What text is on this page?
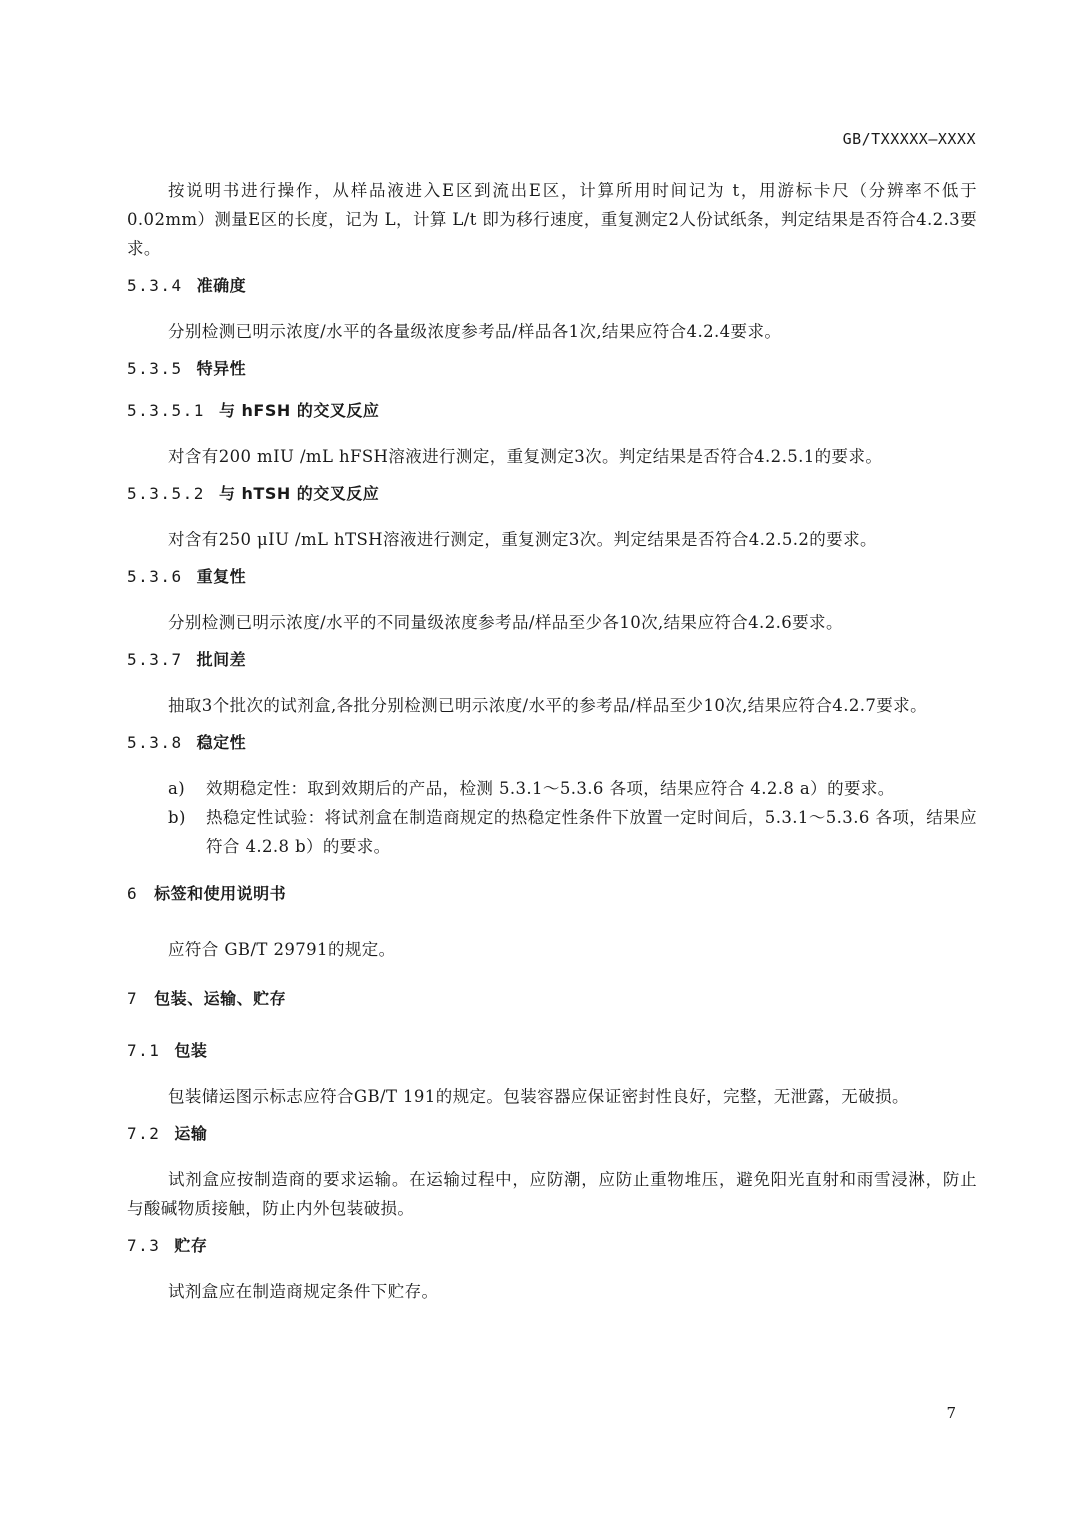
GB/TXXXXX—XXXX

按说明书进行操作，从样品液进入E区到流出E区，计算所用时间记为 t，用游标卡尺（分辨率不低于0.02mm）测量E区的长度，记为 L，计算 L/t 即为移行速度，重复测定2人份试纸条，判定结果是否符合4.2.3要求。

5.3.4 准确度

分别检测已明示浓度/水平的各量级浓度参考品/样品各1次,结果应符合4.2.4要求。

5.3.5 特异性
5.3.5.1 与 hFSH 的交叉反应

对含有200 mIU /mL hFSH溶液进行测定，重复测定3次。判定结果是否符合4.2.5.1的要求。

5.3.5.2 与 hTSH 的交叉反应

对含有250 μIU /mL hTSH溶液进行测定，重复测定3次。判定结果是否符合4.2.5.2的要求。

5.3.6 重复性

分别检测已明示浓度/水平的不同量级浓度参考品/样品至少各10次,结果应符合4.2.6要求。

5.3.7 批间差

抽取3个批次的试剂盒,各批分别检测已明示浓度/水平的参考品/样品至少10次,结果应符合4.2.7要求。

5.3.8 稳定性
a)	效期稳定性：取到效期后的产品，检测 5.3.1～5.3.6 各项，结果应符合 4.2.8 a）的要求。
b)	热稳定性试验：将试剂盒在制造商规定的热稳定性条件下放置一定时间后，5.3.1～5.3.6 各项，结果应符合 4.2.8 b）的要求。
6 标签和使用说明书

应符合 GB/T 29791的规定。

7 包装、运输、贮存
7.1 包装

包装储运图示标志应符合GB/T 191的规定。包装容器应保证密封性良好，完整，无泄露，无破损。

7.2 运输

试剂盒应按制造商的要求运输。在运输过程中，应防潮，应防止重物堆压，避免阳光直射和雨雪浸淋，防止与酸碱物质接触，防止内外包装破损。

7.3 贮存

试剂盒应在制造商规定条件下贮存。

7
